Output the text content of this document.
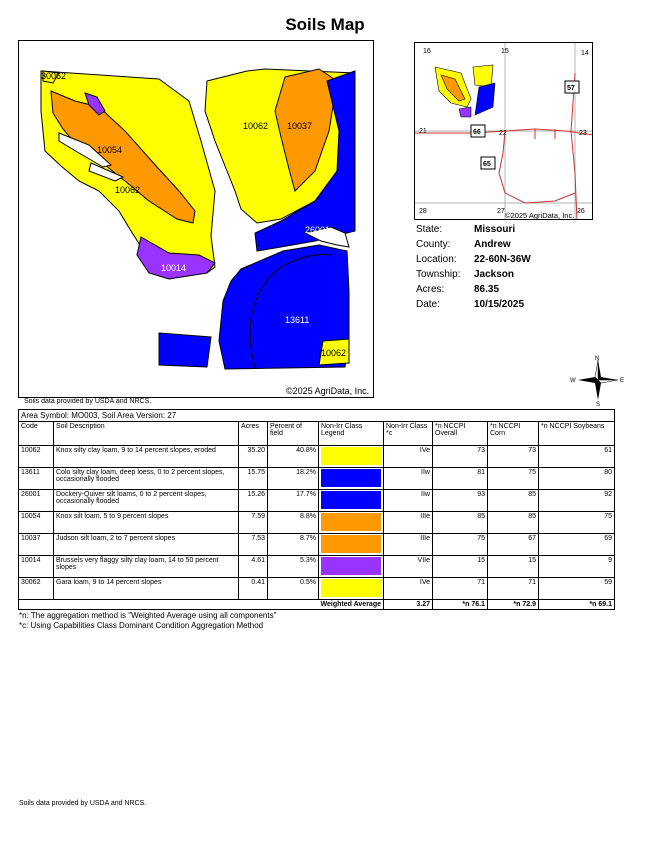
Soils Map
30062
10062 10037
10054
10062
26001
10014
13611
10062
©2025 AgriData, Inc.
Soils data provided by USDA and NRCS.
16	15	14
57
21	66	22	23
65
28	27	26
©2025 AgriData, Inc.
State:	Missouri
County:	Andrew
Location:	22-60N-36W
Township:	Jackson
Acres:	86.35
Date:	10/15/2025
N
S
W	E
Area Symbol: MO003, Soil Area Version: 27								
Code	Soil Description	Acres	Percent of field	Non-Irr Class Legend	Non-Irr Class *c	*n NCCPI Overall	*n NCCPI Corn	*n NCCPI Soybeans
10062	Knox silty clay loam, 9 to 14 percent slopes, eroded	35.20	40.8%		IVe	73	73	61
13611	Colo silty clay loam, deep loess, 0 to 2 percent slopes, occasionally flooded	15.75	18.2%		IIw	81	75	80
26001	Dockery-Quiver silt loams, 0 to 2 percent slopes, occasionally flooded	15.26	17.7%		IIw	93	85	92
10054	Knox silt loam, 5 to 9 percent slopes	7.59	8.8%		IIIe	85	85	75
10037	Judson silt loam, 2 to 7 percent slopes	7.53	8.7%		IIIe	75	67	69
10014	Brussels very flaggy silty clay loam, 14 to 50 percent slopes	4.61	5.3%		VIIe	15	15	9
30062	Gara loam, 9 to 14 percent slopes	0.41	0.5%		IVe	71	71	59
Weighted Average					3.27	*n 76.1	*n 72.9	*n 69.1
*n: The aggregation method is "Weighted Average using all components"
*c: Using Capabilities Class Dominant Condition Aggregation Method
Soils data provided by USDA and NRCS.
